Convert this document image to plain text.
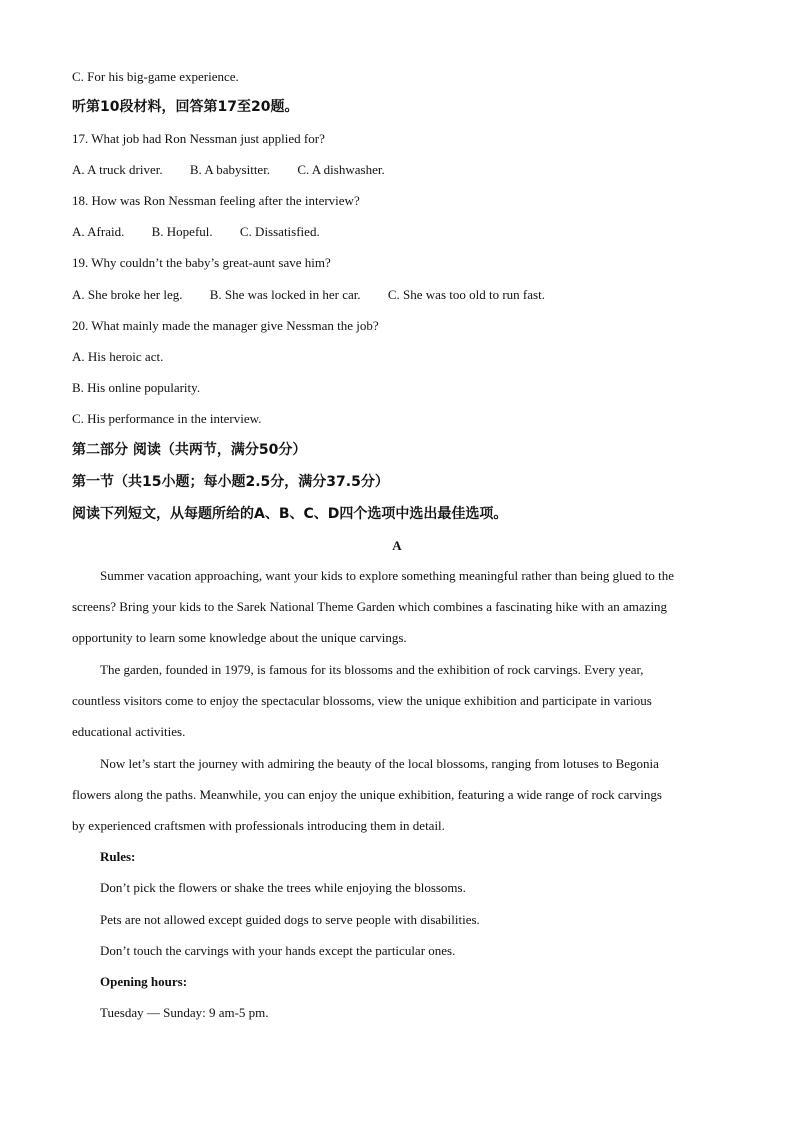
C. For his big-game experience.
听第10段材料，回答第17至20题。
17. What job had Ron Nessman just applied for?
A. A truck driver. B. A babysitter. C. A dishwasher.
18. How was Ron Nessman feeling after the interview?
A. Afraid. B. Hopeful. C. Dissatisfied.
19. Why couldn’t the baby’s great-aunt save him?
A. She broke her leg. B. She was locked in her car. C. She was too old to run fast.
20. What mainly made the manager give Nessman the job?
A. His heroic act.
B. His online popularity.
C. His performance in the interview.
第二部分 阅读（共两节，满分50分）
第一节（共15小题；每小题2.5分，满分37.5分）
阅读下列短文，从每题所给的A、B、C、D四个选项中选出最佳选项。
A
Summer vacation approaching, want your kids to explore something meaningful rather than being glued to the
screens? Bring your kids to the Sarek National Theme Garden which combines a fascinating hike with an amazing
opportunity to learn some knowledge about the unique carvings.
The garden, founded in 1979, is famous for its blossoms and the exhibition of rock carvings. Every year,
countless visitors come to enjoy the spectacular blossoms, view the unique exhibition and participate in various
educational activities.
Now let’s start the journey with admiring the beauty of the local blossoms, ranging from lotuses to Begonia
flowers along the paths. Meanwhile, you can enjoy the unique exhibition, featuring a wide range of rock carvings
by experienced craftsmen with professionals introducing them in detail.
Rules:
Don’t pick the flowers or shake the trees while enjoying the blossoms.
Pets are not allowed except guided dogs to serve people with disabilities.
Don’t touch the carvings with your hands except the particular ones.
Opening hours:
Tuesday — Sunday: 9 am-5 pm.
